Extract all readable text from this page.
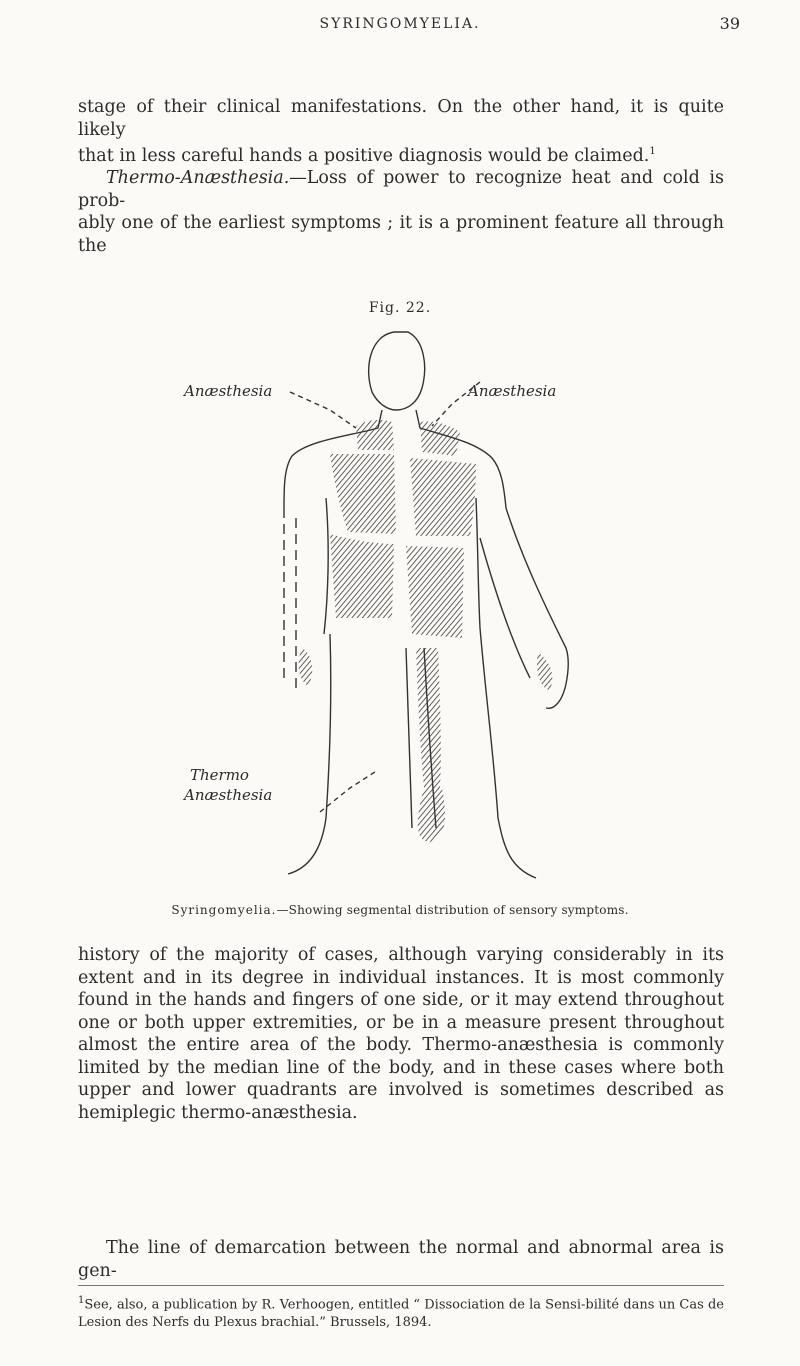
SYRINGOMYELIA.	39

stage of their clinical manifestations. On the other hand, it is quite likely
that in less careful hands a positive diagnosis would be claimed.$^1$
Thermo-Anæsthesia.—Loss of power to recognize heat and cold is prob-
ably one of the earliest symptoms ; it is a prominent feature all through the

Fig. 22.
Anæsthesia	Anæsthesia
Thermo
Anæsthesia
Syringomyelia.—Showing segmental distribution of sensory symptoms.

history of the majority of cases, although varying considerably in its extent and in its degree in individual instances. It is most commonly found in the hands and fingers of one side, or it may extend throughout one or both upper extremities, or be in a measure present throughout almost the entire area of the body. Thermo-anæsthesia is commonly limited by the median line of the body, and in these cases where both upper and lower quadrants are involved is sometimes described as hemiplegic thermo-anæsthesia.

The line of demarcation between the normal and abnormal area is gen-

$^1$See, also, a publication by R. Verhoogen, entitled “ Dissociation de la Sensi-bilité dans un Cas de Lesion des Nerfs du Plexus brachial.” Brussels, 1894.
